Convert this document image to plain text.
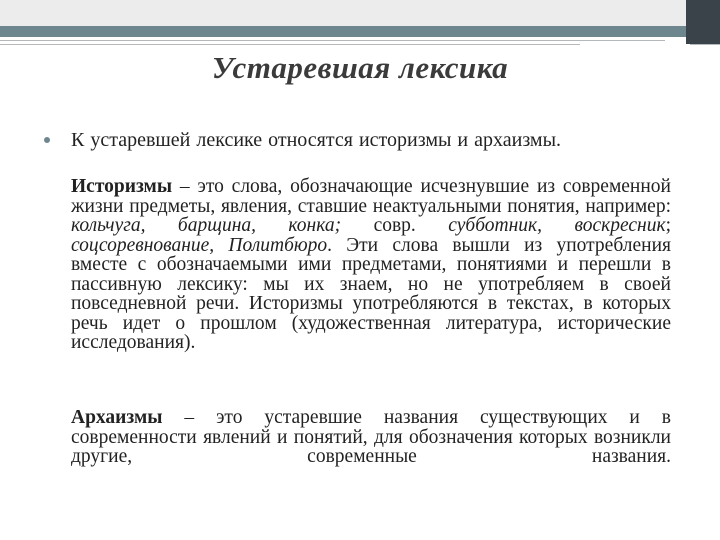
Устаревшая лексика
К устаревшей лексике относятся историзмы и архаизмы.
Историзмы – это слова, обозначающие исчезнувшие из современной жизни предметы, явления, ставшие неактуальными понятия, например: кольчуга, барщина, конка; совр. субботник, воскресник; соцсоревнование, Политбюро. Эти слова вышли из употребления вместе с обозначаемыми ими предметами, понятиями и перешли в пассивную лексику: мы их знаем, но не употребляем в своей повседневной речи. Историзмы употребляются в текстах, в которых речь идет о прошлом (художественная литература, исторические исследования).
Архаизмы – это устаревшие названия существующих и в современности явлений и понятий, для обозначения которых возникли другие, современные названия.
